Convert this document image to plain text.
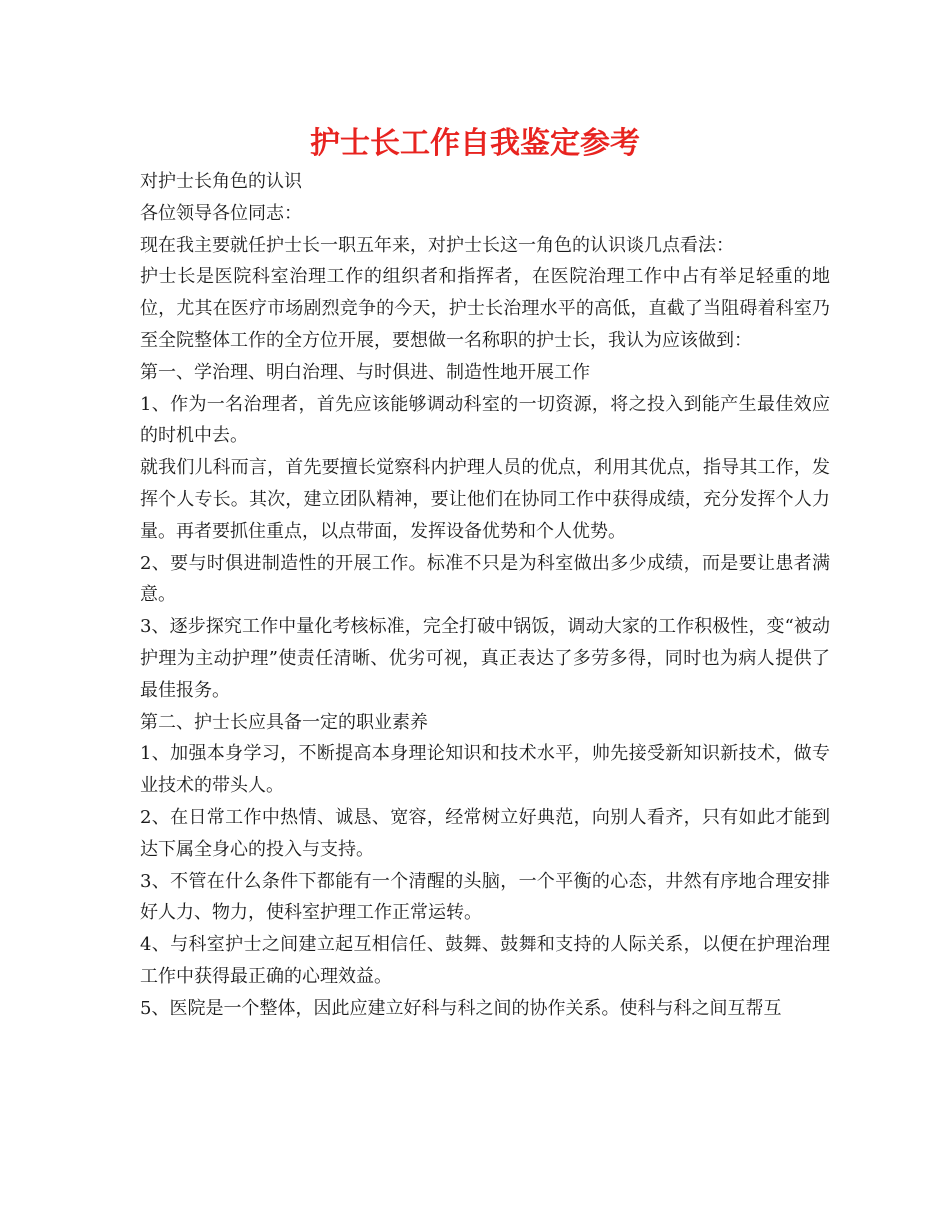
护士长工作自我鉴定参考

对护士长角色的认识

各位领导各位同志：

现在我主要就任护士长一职五年来，对护士长这一角色的认识谈几点看法：

护士长是医院科室治理工作的组织者和指挥者，在医院治理工作中占有举足轻重的地位，尤其在医疗市场剧烈竞争的今天，护士长治理水平的高低，直截了当阻碍着科室乃至全院整体工作的全方位开展，要想做一名称职的护士长，我认为应该做到：

第一、学治理、明白治理、与时俱进、制造性地开展工作

1、作为一名治理者，首先应该能够调动科室的一切资源，将之投入到能产生最佳效应的时机中去。

就我们儿科而言，首先要擅长觉察科内护理人员的优点，利用其优点，指导其工作，发挥个人专长。其次，建立团队精神，要让他们在协同工作中获得成绩，充分发挥个人力量。再者要抓住重点，以点带面，发挥设备优势和个人优势。

2、要与时俱进制造性的开展工作。标准不只是为科室做出多少成绩，而是要让患者满意。

3、逐步探究工作中量化考核标准，完全打破中锅饭，调动大家的工作积极性，变“被动护理为主动护理”使责任清晰、优劣可视，真正表达了多劳多得，同时也为病人提供了最佳报务。

第二、护士长应具备一定的职业素养

1、加强本身学习，不断提高本身理论知识和技术水平，帅先接受新知识新技术，做专业技术的带头人。

2、在日常工作中热情、诚恳、宽容，经常树立好典范，向别人看齐，只有如此才能到达下属全身心的投入与支持。

3、不管在什么条件下都能有一个清醒的头脑，一个平衡的心态，井然有序地合理安排好人力、物力，使科室护理工作正常运转。

4、与科室护士之间建立起互相信任、鼓舞、鼓舞和支持的人际关系，以便在护理治理工作中获得最正确的心理效益。

5、医院是一个整体，因此应建立好科与科之间的协作关系。使科与科之间互帮互
